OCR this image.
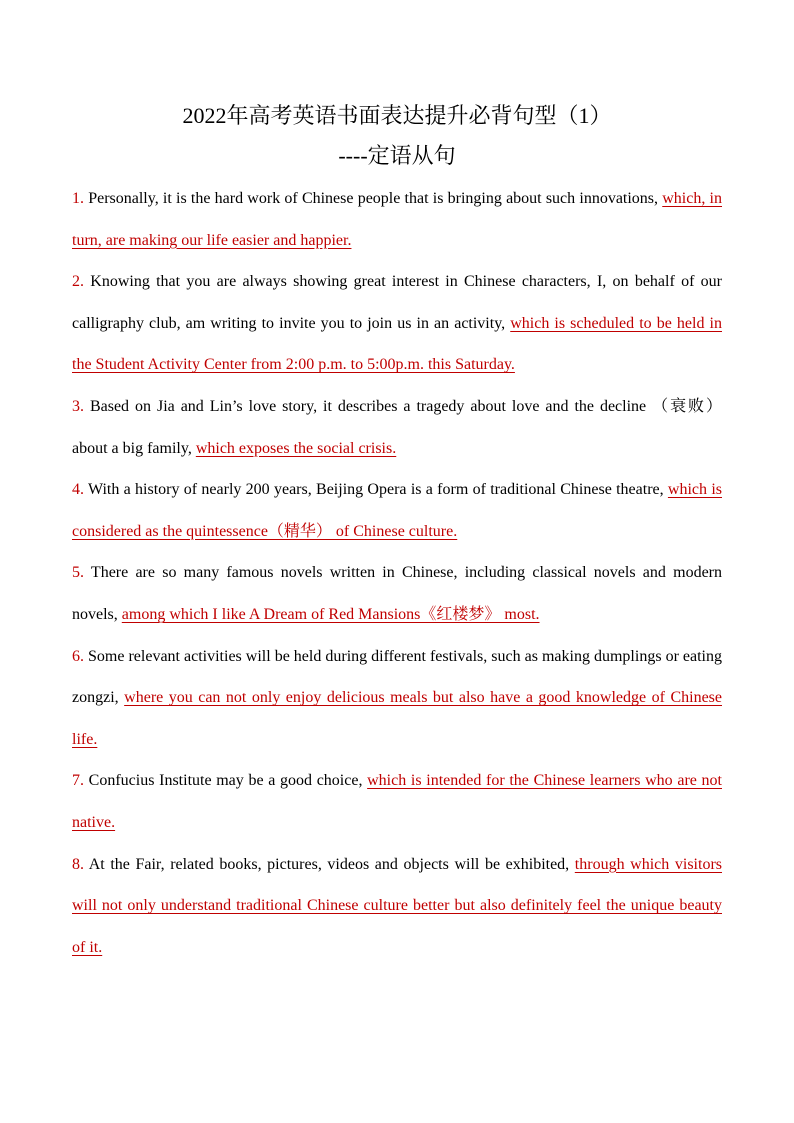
2022年高考英语书面表达提升必背句型（1）
----定语从句
1. Personally, it is the hard work of Chinese people that is bringing about such innovations, which, in turn, are making our life easier and happier.
2. Knowing that you are always showing great interest in Chinese characters, I, on behalf of our calligraphy club, am writing to invite you to join us in an activity, which is scheduled to be held in the Student Activity Center from 2:00 p.m. to 5:00p.m. this Saturday.
3. Based on Jia and Lin’s love story, it describes a tragedy about love and the decline （衰败） about a big family, which exposes the social crisis.
4. With a history of nearly 200 years, Beijing Opera is a form of traditional Chinese theatre, which is considered as the quintessence（精华） of Chinese culture.
5. There are so many famous novels written in Chinese, including classical novels and modern novels, among which I like A Dream of Red Mansions《红楼梦》 most.
6. Some relevant activities will be held during different festivals, such as making dumplings or eating zongzi, where you can not only enjoy delicious meals but also have a good knowledge of Chinese life.
7. Confucius Institute may be a good choice, which is intended for the Chinese learners who are not native.
8. At the Fair, related books, pictures, videos and objects will be exhibited, through which visitors will not only understand traditional Chinese culture better but also definitely feel the unique beauty of it.
